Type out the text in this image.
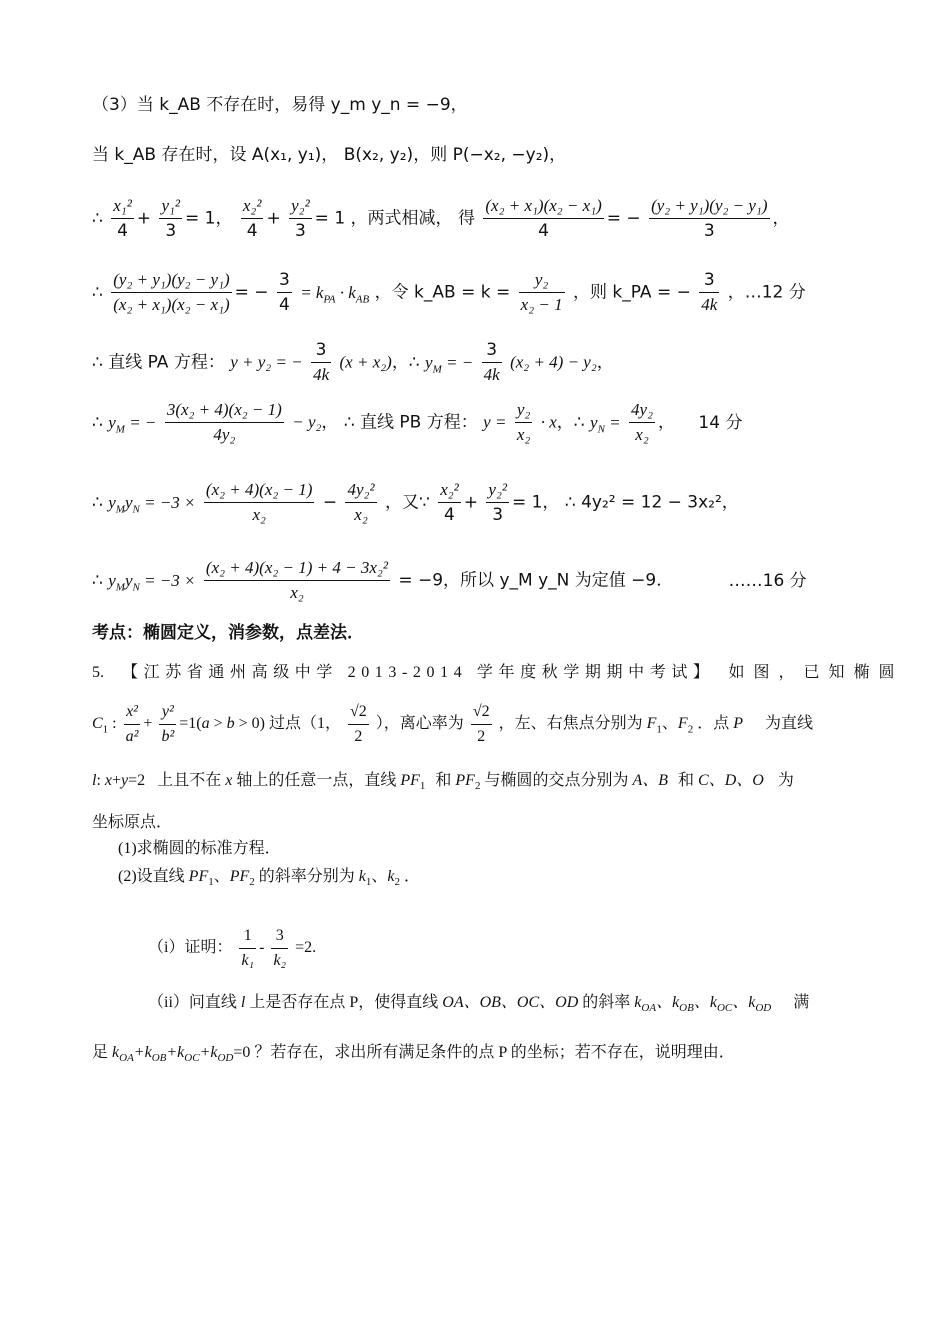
（3）当 k_AB 不存在时，易得 y_m y_n = −9，
当 k_AB 存在时，设 A(x₁, y₁)， B(x₂, y₂)，则 P(−x₂, −y₂)，
∴ $\frac{\text{x₁²}}{4} + \frac{\text{y₁²}}{3} = 1$， $\frac{\text{x₂²}}{4} + \frac{\text{y₂²}}{3} = 1$ ，两式相减， 得 $\frac{\text{(x₂ + x₁)(x₂ − x₁)}}{4}$ = − $\frac{\text{(y₂ + y₁)(y₂ − y₁)}}{3}$ ，
∴ $\frac{\text{(y₂ + y₁)(y₂ − y₁)}}{\text{(x₂ + x₁)(x₂ − x₁)}}$ = − $\frac{3}{4} = k_{PA} \cdot k_{AB}$ ，令 k_AB = $k = \frac{\text{y₂}}{\text{x₂ − 1}}$ ，则 k_PA = − $\frac{3}{4k}$ ，…12 分
∴ 直线 PA 方程： y + y₂ = − $\frac{3}{4k} (x + x_2)$，∴ $y_M$ = − $\frac{3}{4k} (x_2 + 4) - y_2$，
∴ $y_M$ = − $\frac{\text{3(x₂ + 4)(x₂ − 1)}}{\text{4y₂}} - y_2$， ∴ 直线 PB 方程： $y = \frac{\text{y₂}}{\text{x₂}} \cdot x$，∴ $y_N = \frac{\text{4y₂}}{\text{x₂}}$ ， 14 分
∴ $y_My_N = -3 \times \frac{\text{(x₂ + 4)(x₂ − 1)}}{\text{x₂}} - \frac{\text{4y₂²}}{\text{x₂}}$ ，又∵ $\frac{\text{x₂²}}{4} + \frac{\text{y₂²}}{3} = 1$， ∴ 4y₂² = 12 − 3x₂²，
∴ $y_My_N = -3 \times \frac{\text{(x₂ + 4)(x₂ − 1) + 4 − 3x₂²}}{\text{x₂}} = -9$，所以 y_M y_N 为定值 −9．	……16 分
考点：椭圆定义，消参数，点差法．
5. 【江苏省通州高级中学 2013-2014 学年度秋学期期中考试】 如图，已知椭圆
$C_1$ : $\frac{\text{x²}}{\text{a²}} + \frac{\text{y²}}{\text{b²}} =1(a > b > 0)$ 过点（1， $\frac{√2}{2}$ ），离心率为 $\frac{√2}{2}$ ，左、右焦点分别为 $F_1$、$F_2$ ．点 P 为直线
l: x+y=2 上且不在 x 轴上的任意一点，直线 $PF_1$ 和 $PF_2$ 与椭圆的交点分别为 A、B 和 C、D、O 为
坐标原点．
(1)求椭圆的标准方程．
(2)设直线 $PF_1$、$PF_2$ 的斜率分别为 $k_1$、$k_2$ ．
（i）证明： $\frac{1}{\text{k₁}} - \frac{3}{\text{k₂}} =2$.
（ii）问直线 l 上是否存在点 P，使得直线 OA、OB、OC、OD 的斜率 $k_{OA}$、$k_{OB}$、$k_{OC}$、$k_{OD}$ 满
足 $k_{OA}+k_{OB}+k_{OC}+k_{OD}=0$ ？若存在，求出所有满足条件的点 P 的坐标；若不存在，说明理由．
